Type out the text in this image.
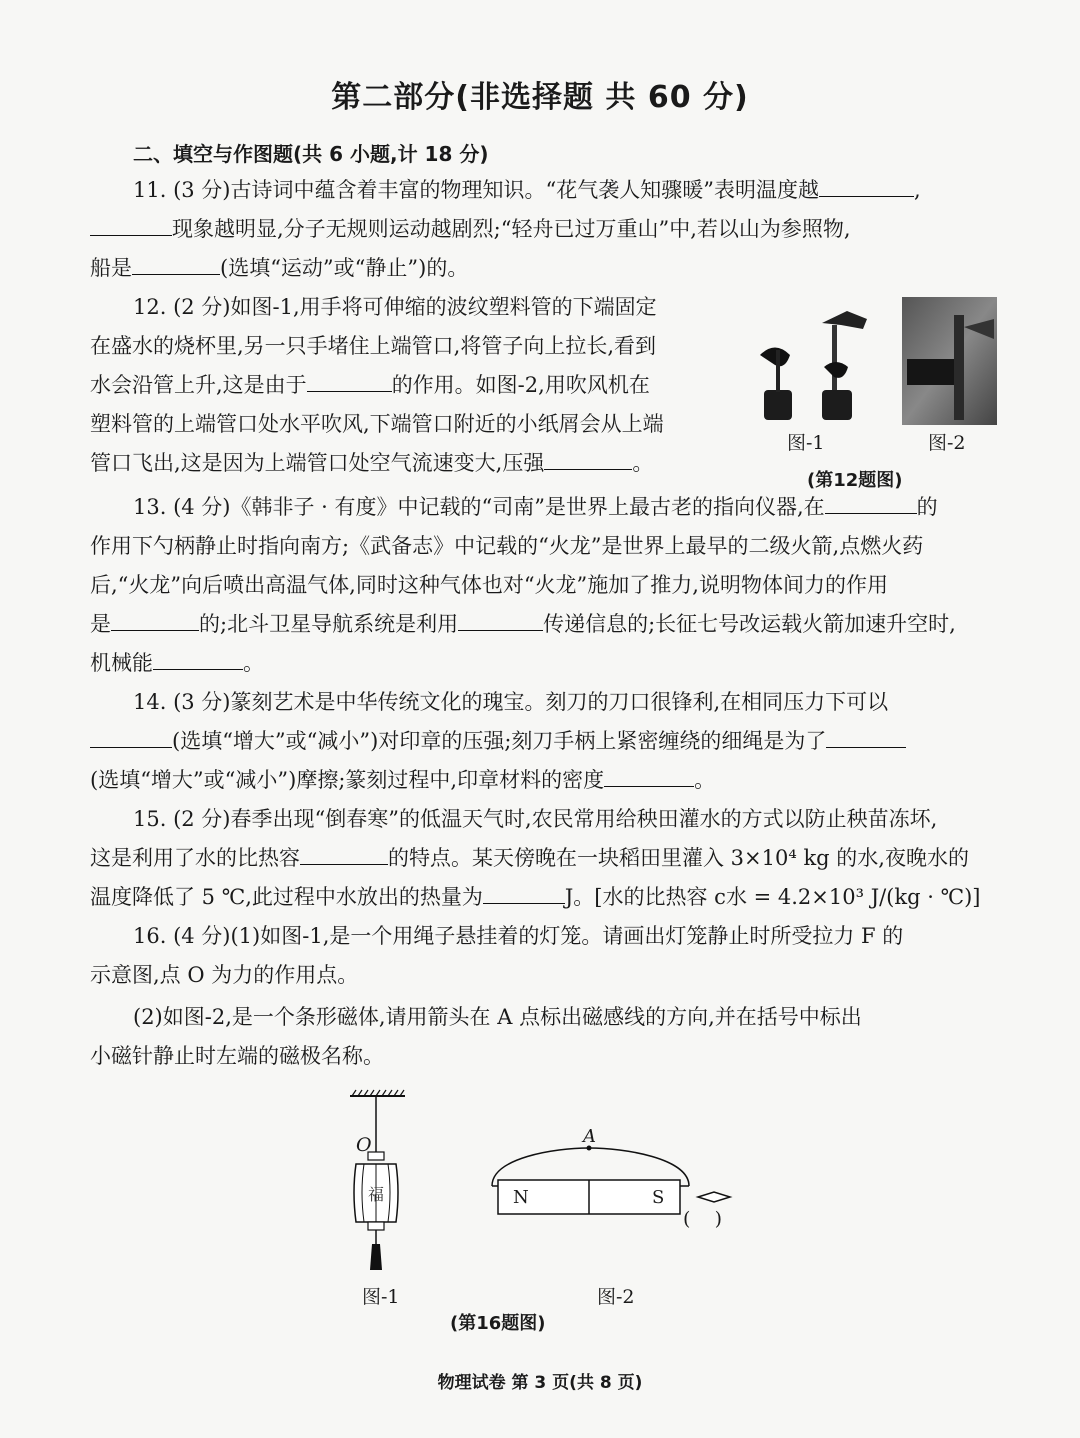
第二部分(非选择题 共 60 分)
二、填空与作图题(共 6 小题,计 18 分)
11. (3 分)古诗词中蕴含着丰富的物理知识。“花气袭人知骤暖”表明温度越	,
现象越明显,分子无规则运动越剧烈;“轻舟已过万重山”中,若以山为参照物,
船是	(选填“运动”或“静止”)的。
12. (2 分)如图-1,用手将可伸缩的波纹塑料管的下端固定
在盛水的烧杯里,另一只手堵住上端管口,将管子向上拉长,看到
水会沿管上升,这是由于	的作用。如图-2,用吹风机在
塑料管的上端管口处水平吹风,下端管口附近的小纸屑会从上端
管口飞出,这是因为上端管口处空气流速变大,压强	。
图-1	图-2
(第12题图)
13. (4 分)《韩非子 · 有度》中记载的“司南”是世界上最古老的指向仪器,在	的
作用下勺柄静止时指向南方;《武备志》中记载的“火龙”是世界上最早的二级火箭,点燃火药
后,“火龙”向后喷出高温气体,同时这种气体也对“火龙”施加了推力,说明物体间力的作用
是	的;北斗卫星导航系统是利用	传递信息的;长征七号改运载火箭加速升空时,
机械能	。
14. (3 分)篆刻艺术是中华传统文化的瑰宝。刻刀的刀口很锋利,在相同压力下可以
(选填“增大”或“减小”)对印章的压强;刻刀手柄上紧密缠绕的细绳是为了
(选填“增大”或“减小”)摩擦;篆刻过程中,印章材料的密度	。
15. (2 分)春季出现“倒春寒”的低温天气时,农民常用给秧田灌水的方式以防止秧苗冻坏,
这是利用了水的比热容	的特点。某天傍晚在一块稻田里灌入 3×10⁴ kg 的水,夜晚水的
温度降低了 5 ℃,此过程中水放出的热量为	J。[水的比热容 c水 = 4.2×10³ J/(kg · ℃)]
16. (4 分)(1)如图-1,是一个用绳子悬挂着的灯笼。请画出灯笼静止时所受拉力 F 的
示意图,点 O 为力的作用点。
(2)如图-2,是一个条形磁体,请用箭头在 A 点标出磁感线的方向,并在括号中标出
小磁针静止时左端的磁极名称。
福
O	A
N	S
(    )
图-1	图-2
(第16题图)
物理试卷 第 3 页(共 8 页)
